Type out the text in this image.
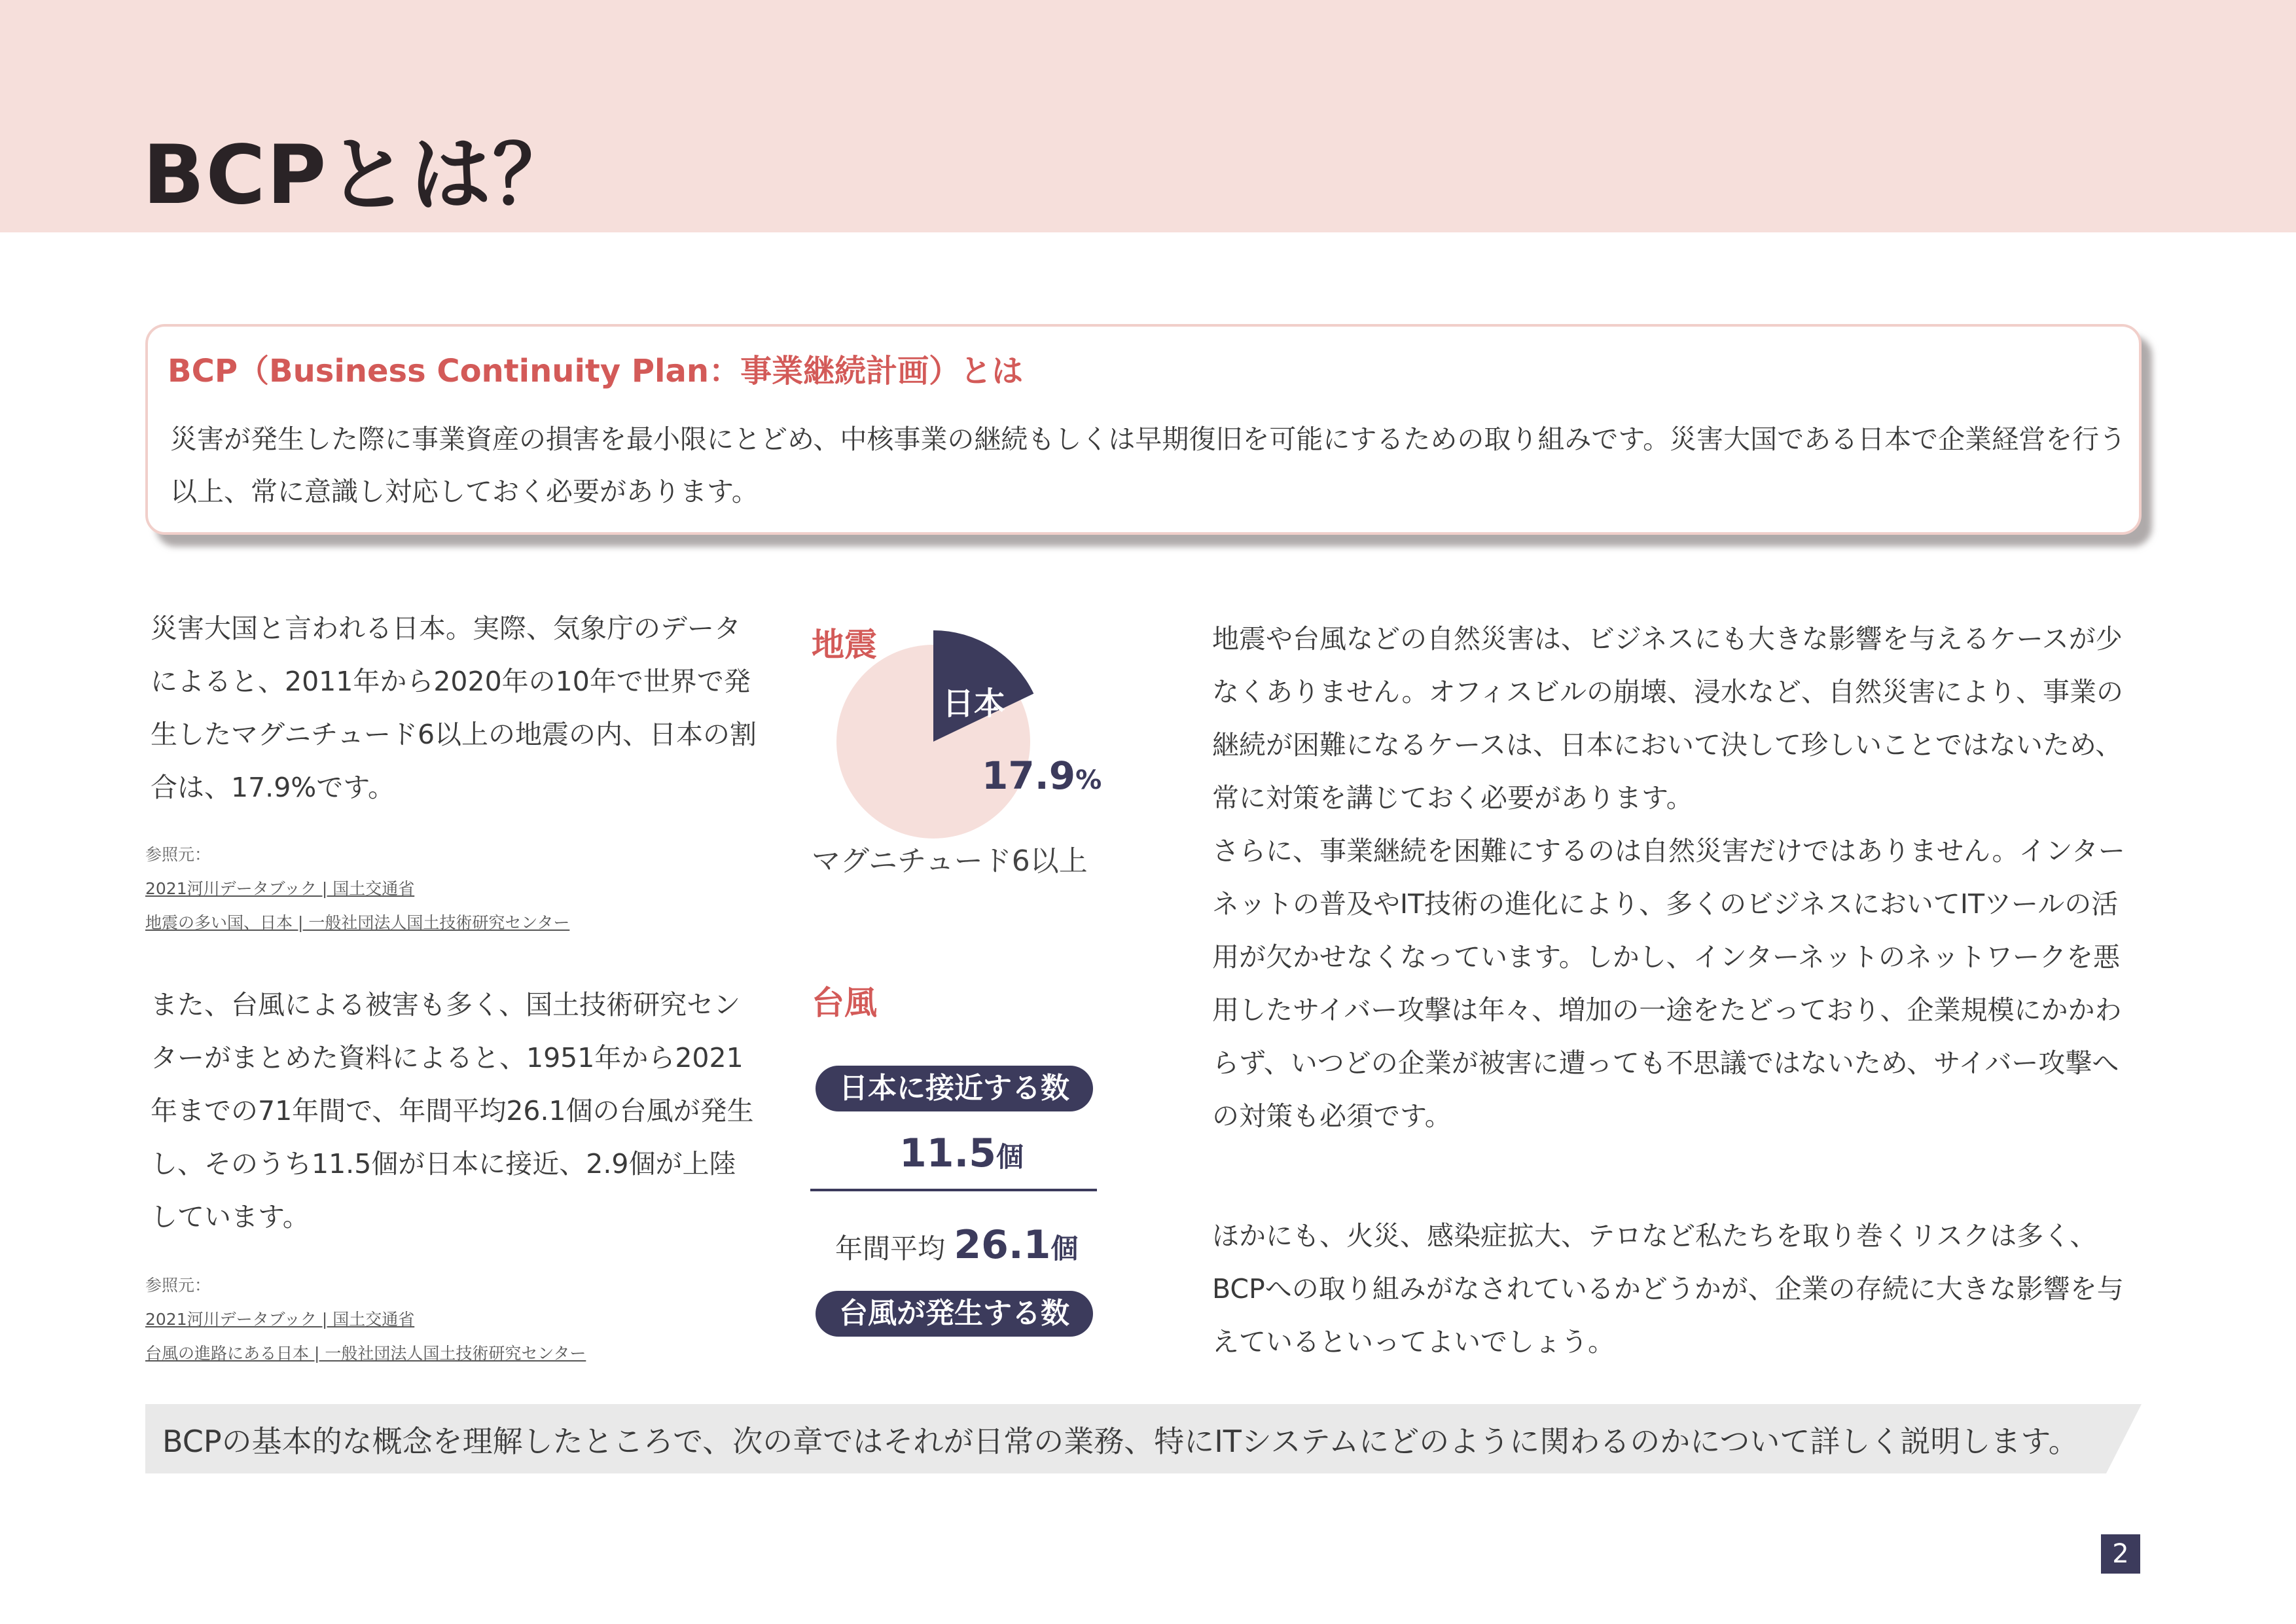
BCPとは？
BCP（Business Continuity Plan：事業継続計画）とは

災害が発生した際に事業資産の損害を最小限にとどめ、中核事業の継続もしくは早期復旧を可能にするための取り組みです。災害大国である日本で企業経営を行う以上、常に意識し対応しておく必要があります。

災害大国と言われる日本。実際、気象庁のデータによると、2011年から2020年の10年で世界で発生したマグニチュード6以上の地震の内、日本の割合は、17.9%です。

参照元：
2021河川データブック | 国土交通省
地震の多い国、日本 | 一般社団法人国土技術研究センター

また、台風による被害も多く、国土技術研究センターがまとめた資料によると、1951年から2021年までの71年間で、年間平均26.1個の台風が発生し、そのうち11.5個が日本に接近、2.9個が上陸しています。

参照元：
2021河川データブック | 国土交通省
台風の進路にある日本 | 一般社団法人国土技術研究センター
地震
日本
17.9%
マグニチュード6以上
台風
日本に接近する数
11.5個
年間平均 26.1個
台風が発生する数

地震や台風などの自然災害は、ビジネスにも大きな影響を与えるケースが少なくありません。オフィスビルの崩壊、浸水など、自然災害により、事業の継続が困難になるケースは、日本において決して珍しいことではないため、常に対策を講じておく必要があります。

さらに、事業継続を困難にするのは自然災害だけではありません。インターネットの普及やIT技術の進化により、多くのビジネスにおいてITツールの活用が欠かせなくなっています。しかし、インターネットのネットワークを悪用したサイバー攻撃は年々、増加の一途をたどっており、企業規模にかかわらず、いつどの企業が被害に遭っても不思議ではないため、サイバー攻撃への対策も必須です。

ほかにも、火災、感染症拡大、テロなど私たちを取り巻くリスクは多く、BCPへの取り組みがなされているかどうかが、企業の存続に大きな影響を与えているといってよいでしょう。

BCPの基本的な概念を理解したところで、次の章ではそれが日常の業務、特にITシステムにどのように関わるのかについて詳しく説明します。
2
